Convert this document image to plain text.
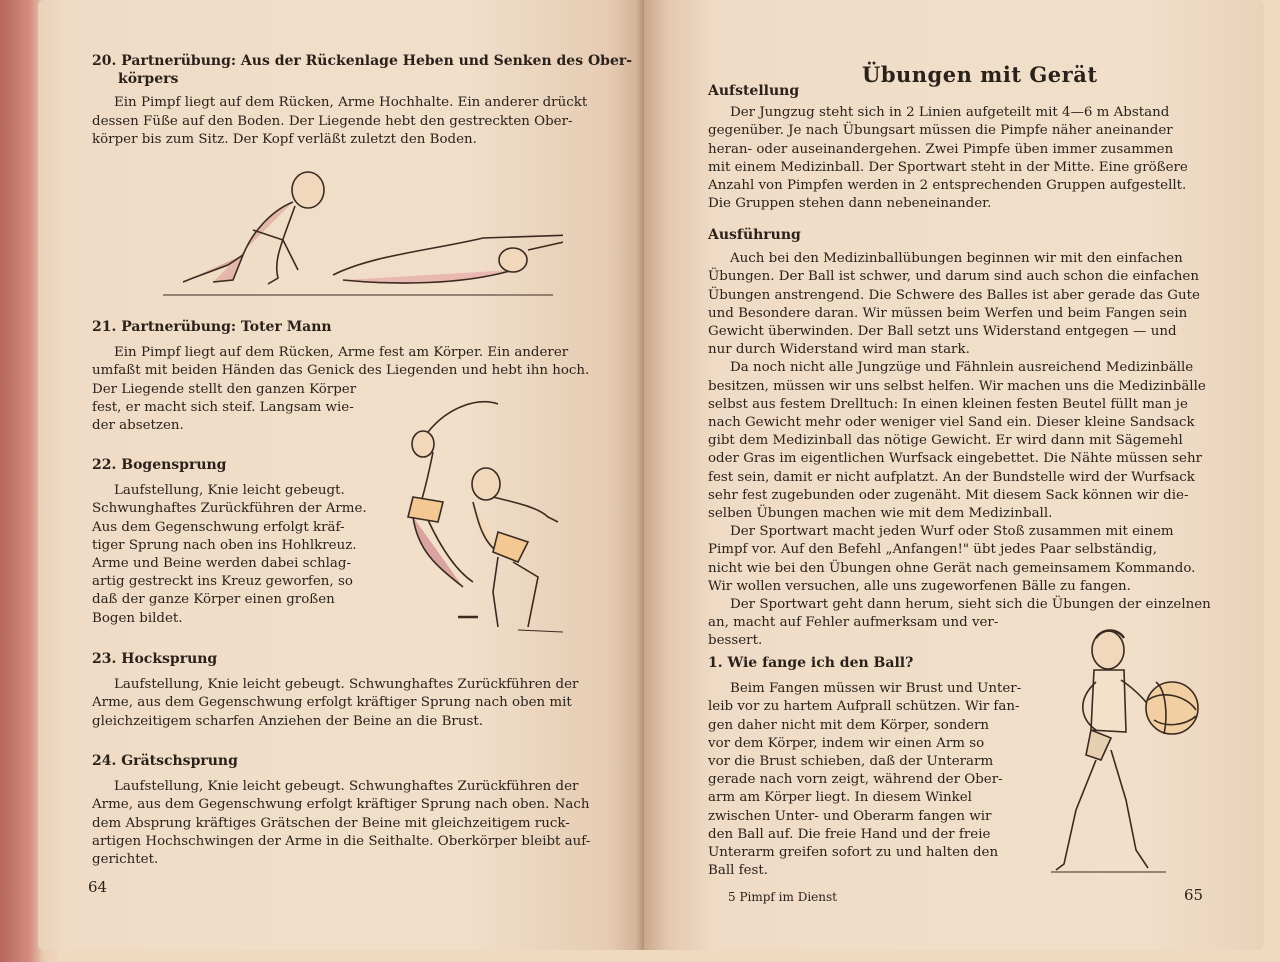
20. Partnerübung: Aus der Rückenlage Heben und Senken des Ober-
körpers
Ein Pimpf liegt auf dem Rücken, Arme Hochhalte. Ein anderer drückt
dessen Füße auf den Boden. Der Liegende hebt den gestreckten Ober-
körper bis zum Sitz. Der Kopf verläßt zuletzt den Boden.
21. Partnerübung: Toter Mann
Ein Pimpf liegt auf dem Rücken, Arme fest am Körper. Ein anderer
umfaßt mit beiden Händen das Genick des Liegenden und hebt ihn hoch.
Der Liegende stellt den ganzen Körper
fest, er macht sich steif. Langsam wie-
der absetzen.
22. Bogensprung
Laufstellung, Knie leicht gebeugt.
Schwunghaftes Zurückführen der Arme.
Aus dem Gegenschwung erfolgt kräf-
tiger Sprung nach oben ins Hohlkreuz.
Arme und Beine werden dabei schlag-
artig gestreckt ins Kreuz geworfen, so
daß der ganze Körper einen großen
Bogen bildet.
23. Hocksprung
Laufstellung, Knie leicht gebeugt. Schwunghaftes Zurückführen der
Arme, aus dem Gegenschwung erfolgt kräftiger Sprung nach oben mit
gleichzeitigem scharfen Anziehen der Beine an die Brust.
24. Grätschsprung
Laufstellung, Knie leicht gebeugt. Schwunghaftes Zurückführen der
Arme, aus dem Gegenschwung erfolgt kräftiger Sprung nach oben. Nach
dem Absprung kräftiges Grätschen der Beine mit gleichzeitigem ruck-
artigen Hochschwingen der Arme in die Seithalte. Oberkörper bleibt auf-
gerichtet.
64
Übungen mit Gerät
Aufstellung
Der Jungzug steht sich in 2 Linien aufgeteilt mit 4—6 m Abstand
gegenüber. Je nach Übungsart müssen die Pimpfe näher aneinander
heran- oder auseinandergehen. Zwei Pimpfe üben immer zusammen
mit einem Medizinball. Der Sportwart steht in der Mitte. Eine größere
Anzahl von Pimpfen werden in 2 entsprechenden Gruppen aufgestellt.
Die Gruppen stehen dann nebeneinander.
Ausführung
Auch bei den Medizinballübungen beginnen wir mit den einfachen
Übungen. Der Ball ist schwer, und darum sind auch schon die einfachen
Übungen anstrengend. Die Schwere des Balles ist aber gerade das Gute
und Besondere daran. Wir müssen beim Werfen und beim Fangen sein
Gewicht überwinden. Der Ball setzt uns Widerstand entgegen — und
nur durch Widerstand wird man stark.
Da noch nicht alle Jungzüge und Fähnlein ausreichend Medizinbälle
besitzen, müssen wir uns selbst helfen. Wir machen uns die Medizinbälle
selbst aus festem Drelltuch: In einen kleinen festen Beutel füllt man je
nach Gewicht mehr oder weniger viel Sand ein. Dieser kleine Sandsack
gibt dem Medizinball das nötige Gewicht. Er wird dann mit Sägemehl
oder Gras im eigentlichen Wurfsack eingebettet. Die Nähte müssen sehr
fest sein, damit er nicht aufplatzt. An der Bundstelle wird der Wurfsack
sehr fest zugebunden oder zugenäht. Mit diesem Sack können wir die-
selben Übungen machen wie mit dem Medizinball.
Der Sportwart macht jeden Wurf oder Stoß zusammen mit einem
Pimpf vor. Auf den Befehl „Anfangen!" übt jedes Paar selbständig,
nicht wie bei den Übungen ohne Gerät nach gemeinsamem Kommando.
Wir wollen versuchen, alle uns zugeworfenen Bälle zu fangen.
Der Sportwart geht dann herum, sieht sich die Übungen der einzelnen
an, macht auf Fehler aufmerksam und ver-
bessert.
1. Wie fange ich den Ball?
Beim Fangen müssen wir Brust und Unter-
leib vor zu hartem Aufprall schützen. Wir fan-
gen daher nicht mit dem Körper, sondern
vor dem Körper, indem wir einen Arm so
vor die Brust schieben, daß der Unterarm
gerade nach vorn zeigt, während der Ober-
arm am Körper liegt. In diesem Winkel
zwischen Unter- und Oberarm fangen wir
den Ball auf. Die freie Hand und der freie
Unterarm greifen sofort zu und halten den
Ball fest.
5 Pimpf im Dienst	65
